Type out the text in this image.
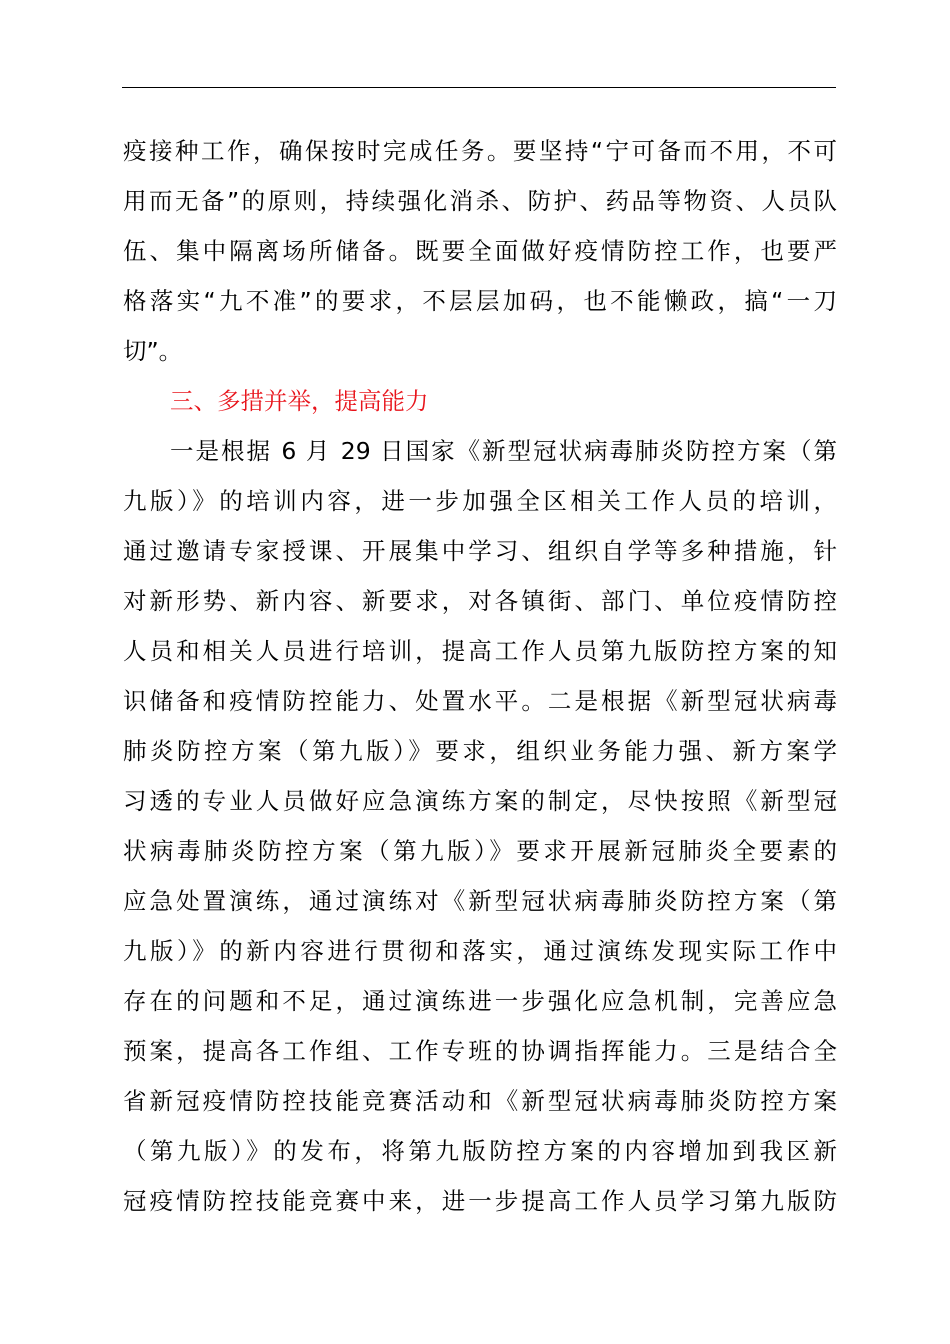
疫接种工作，确保按时完成任务。要坚持“宁可备而不用，不可
用而无备”的原则，持续强化消杀、防护、药品等物资、人员队
伍、集中隔离场所储备。既要全面做好疫情防控工作，也要严
格落实“九不准”的要求，不层层加码，也不能懒政，搞“一刀
切”。
三、多措并举，提高能力
一是根据 6 月 29 日国家《新型冠状病毒肺炎防控方案（第
九版）》的培训内容，进一步加强全区相关工作人员的培训，
通过邀请专家授课、开展集中学习、组织自学等多种措施，针
对新形势、新内容、新要求，对各镇街、部门、单位疫情防控
人员和相关人员进行培训，提高工作人员第九版防控方案的知
识储备和疫情防控能力、处置水平。二是根据《新型冠状病毒
肺炎防控方案（第九版）》要求，组织业务能力强、新方案学
习透的专业人员做好应急演练方案的制定，尽快按照《新型冠
状病毒肺炎防控方案（第九版）》要求开展新冠肺炎全要素的
应急处置演练，通过演练对《新型冠状病毒肺炎防控方案（第
九版）》的新内容进行贯彻和落实，通过演练发现实际工作中
存在的问题和不足，通过演练进一步强化应急机制，完善应急
预案，提高各工作组、工作专班的协调指挥能力。三是结合全
省新冠疫情防控技能竞赛活动和《新型冠状病毒肺炎防控方案
（第九版）》的发布，将第九版防控方案的内容增加到我区新
冠疫情防控技能竞赛中来，进一步提高工作人员学习第九版防
